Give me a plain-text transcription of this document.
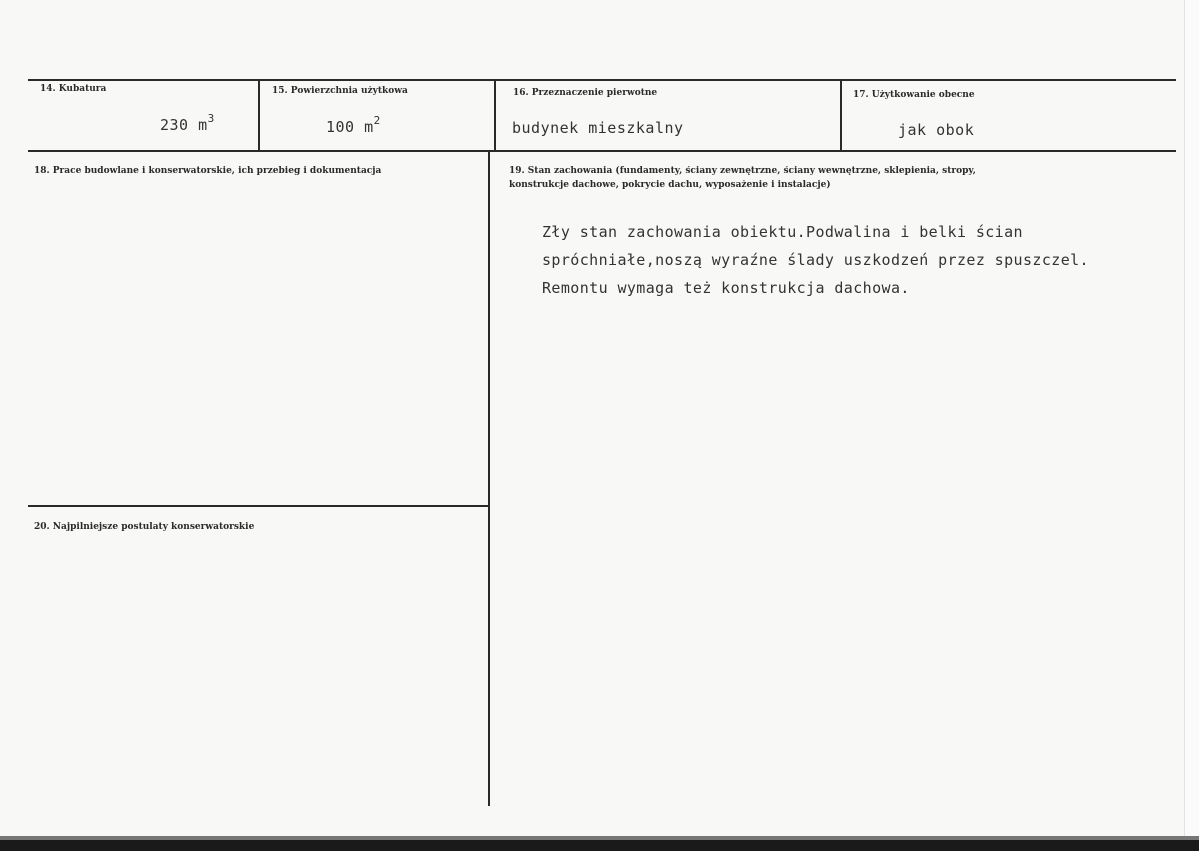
14. Kubatura
230 $m^3$
15. Powierzchnia użytkowa
100 $m^2$
16. Przeznaczenie pierwotne
budynek mieszkalny
17. Użytkowanie obecne
jak obok
18. Prace budowlane i konserwatorskie, ich przebieg i dokumentacja	19. Stan zachowania (fundamenty, ściany zewnętrzne, ściany wewnętrzne, sklepienia, stropy,
konstrukcje dachowe, pokrycie dachu, wyposażenie i instalacje)
Zły stan zachowania obiektu.Podwalina i belki ścian
spróchniałe,noszą wyraźne ślady uszkodzeń przez spuszczel.
Remontu wymaga też konstrukcja dachowa.
20. Najpilniejsze postulaty konserwatorskie
